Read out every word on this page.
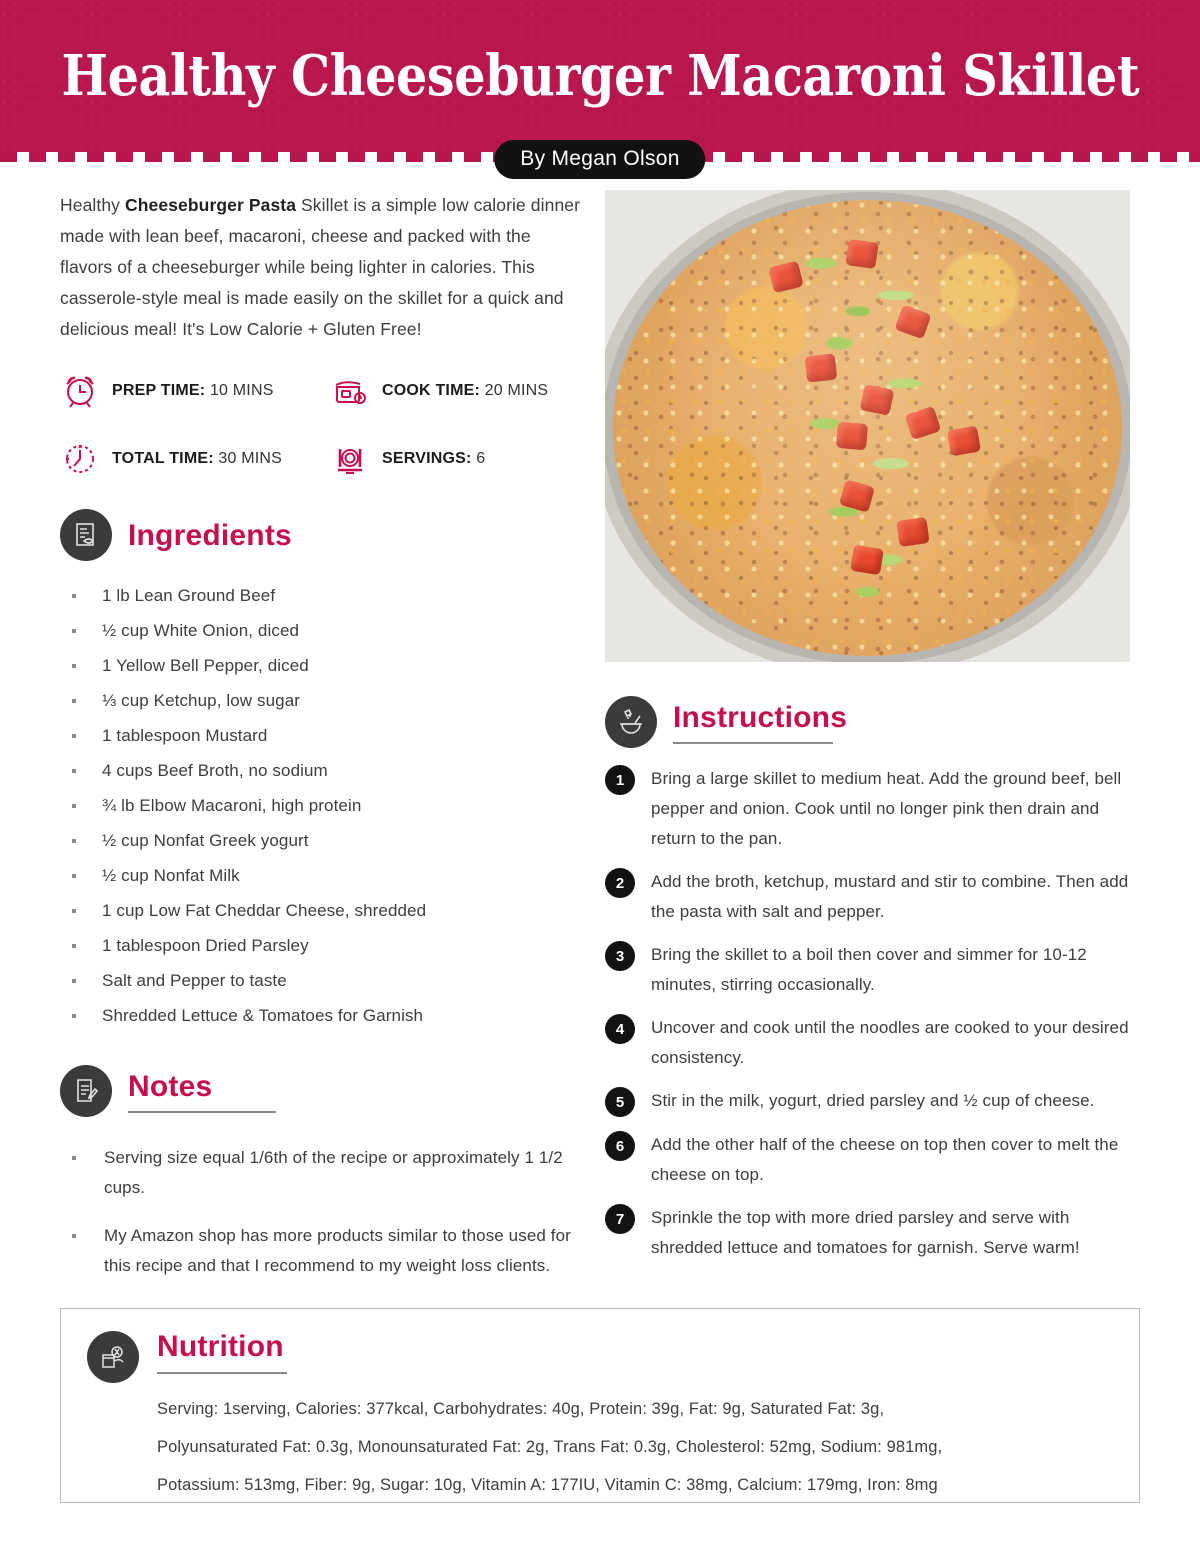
Healthy Cheeseburger Macaroni Skillet
By Megan Olson

Healthy Cheeseburger Pasta Skillet is a simple low calorie dinner made with lean beef, macaroni, cheese and packed with the flavors of a cheeseburger while being lighter in calories. This casserole-style meal is made easily on the skillet for a quick and delicious meal! It's Low Calorie + Gluten Free!

PREP TIME: 10 MINS	COOK TIME: 20 MINS
TOTAL TIME: 30 MINS	SERVINGS: 6
Ingredients
1 lb Lean Ground Beef
½ cup White Onion, diced
1 Yellow Bell Pepper, diced
⅓ cup Ketchup, low sugar
1 tablespoon Mustard
4 cups Beef Broth, no sodium
¾ lb Elbow Macaroni, high protein
½ cup Nonfat Greek yogurt
½ cup Nonfat Milk
1 cup Low Fat Cheddar Cheese, shredded
1 tablespoon Dried Parsley
Salt and Pepper to taste
Shredded Lettuce & Tomatoes for Garnish
Notes
Serving size equal 1/6th of the recipe or approximately 1 1/2 cups.
My Amazon shop has more products similar to those used for this recipe and that I recommend to my weight loss clients.
Instructions
1	Bring a large skillet to medium heat. Add the ground beef, bell pepper and onion. Cook until no longer pink then drain and return to the pan.
2	Add the broth, ketchup, mustard and stir to combine. Then add the pasta with salt and pepper.
3	Bring the skillet to a boil then cover and simmer for 10-12 minutes, stirring occasionally.
4	Uncover and cook until the noodles are cooked to your desired consistency.
5	Stir in the milk, yogurt, dried parsley and ½ cup of cheese.
6	Add the other half of the cheese on top then cover to melt the cheese on top.
7	Sprinkle the top with more dried parsley and serve with shredded lettuce and tomatoes for garnish. Serve warm!
Nutrition
Serving: 1serving, Calories: 377kcal, Carbohydrates: 40g, Protein: 39g, Fat: 9g, Saturated Fat: 3g,
Polyunsaturated Fat: 0.3g, Monounsaturated Fat: 2g, Trans Fat: 0.3g, Cholesterol: 52mg, Sodium: 981mg,
Potassium: 513mg, Fiber: 9g, Sugar: 10g, Vitamin A: 177IU, Vitamin C: 38mg, Calcium: 179mg, Iron: 8mg
